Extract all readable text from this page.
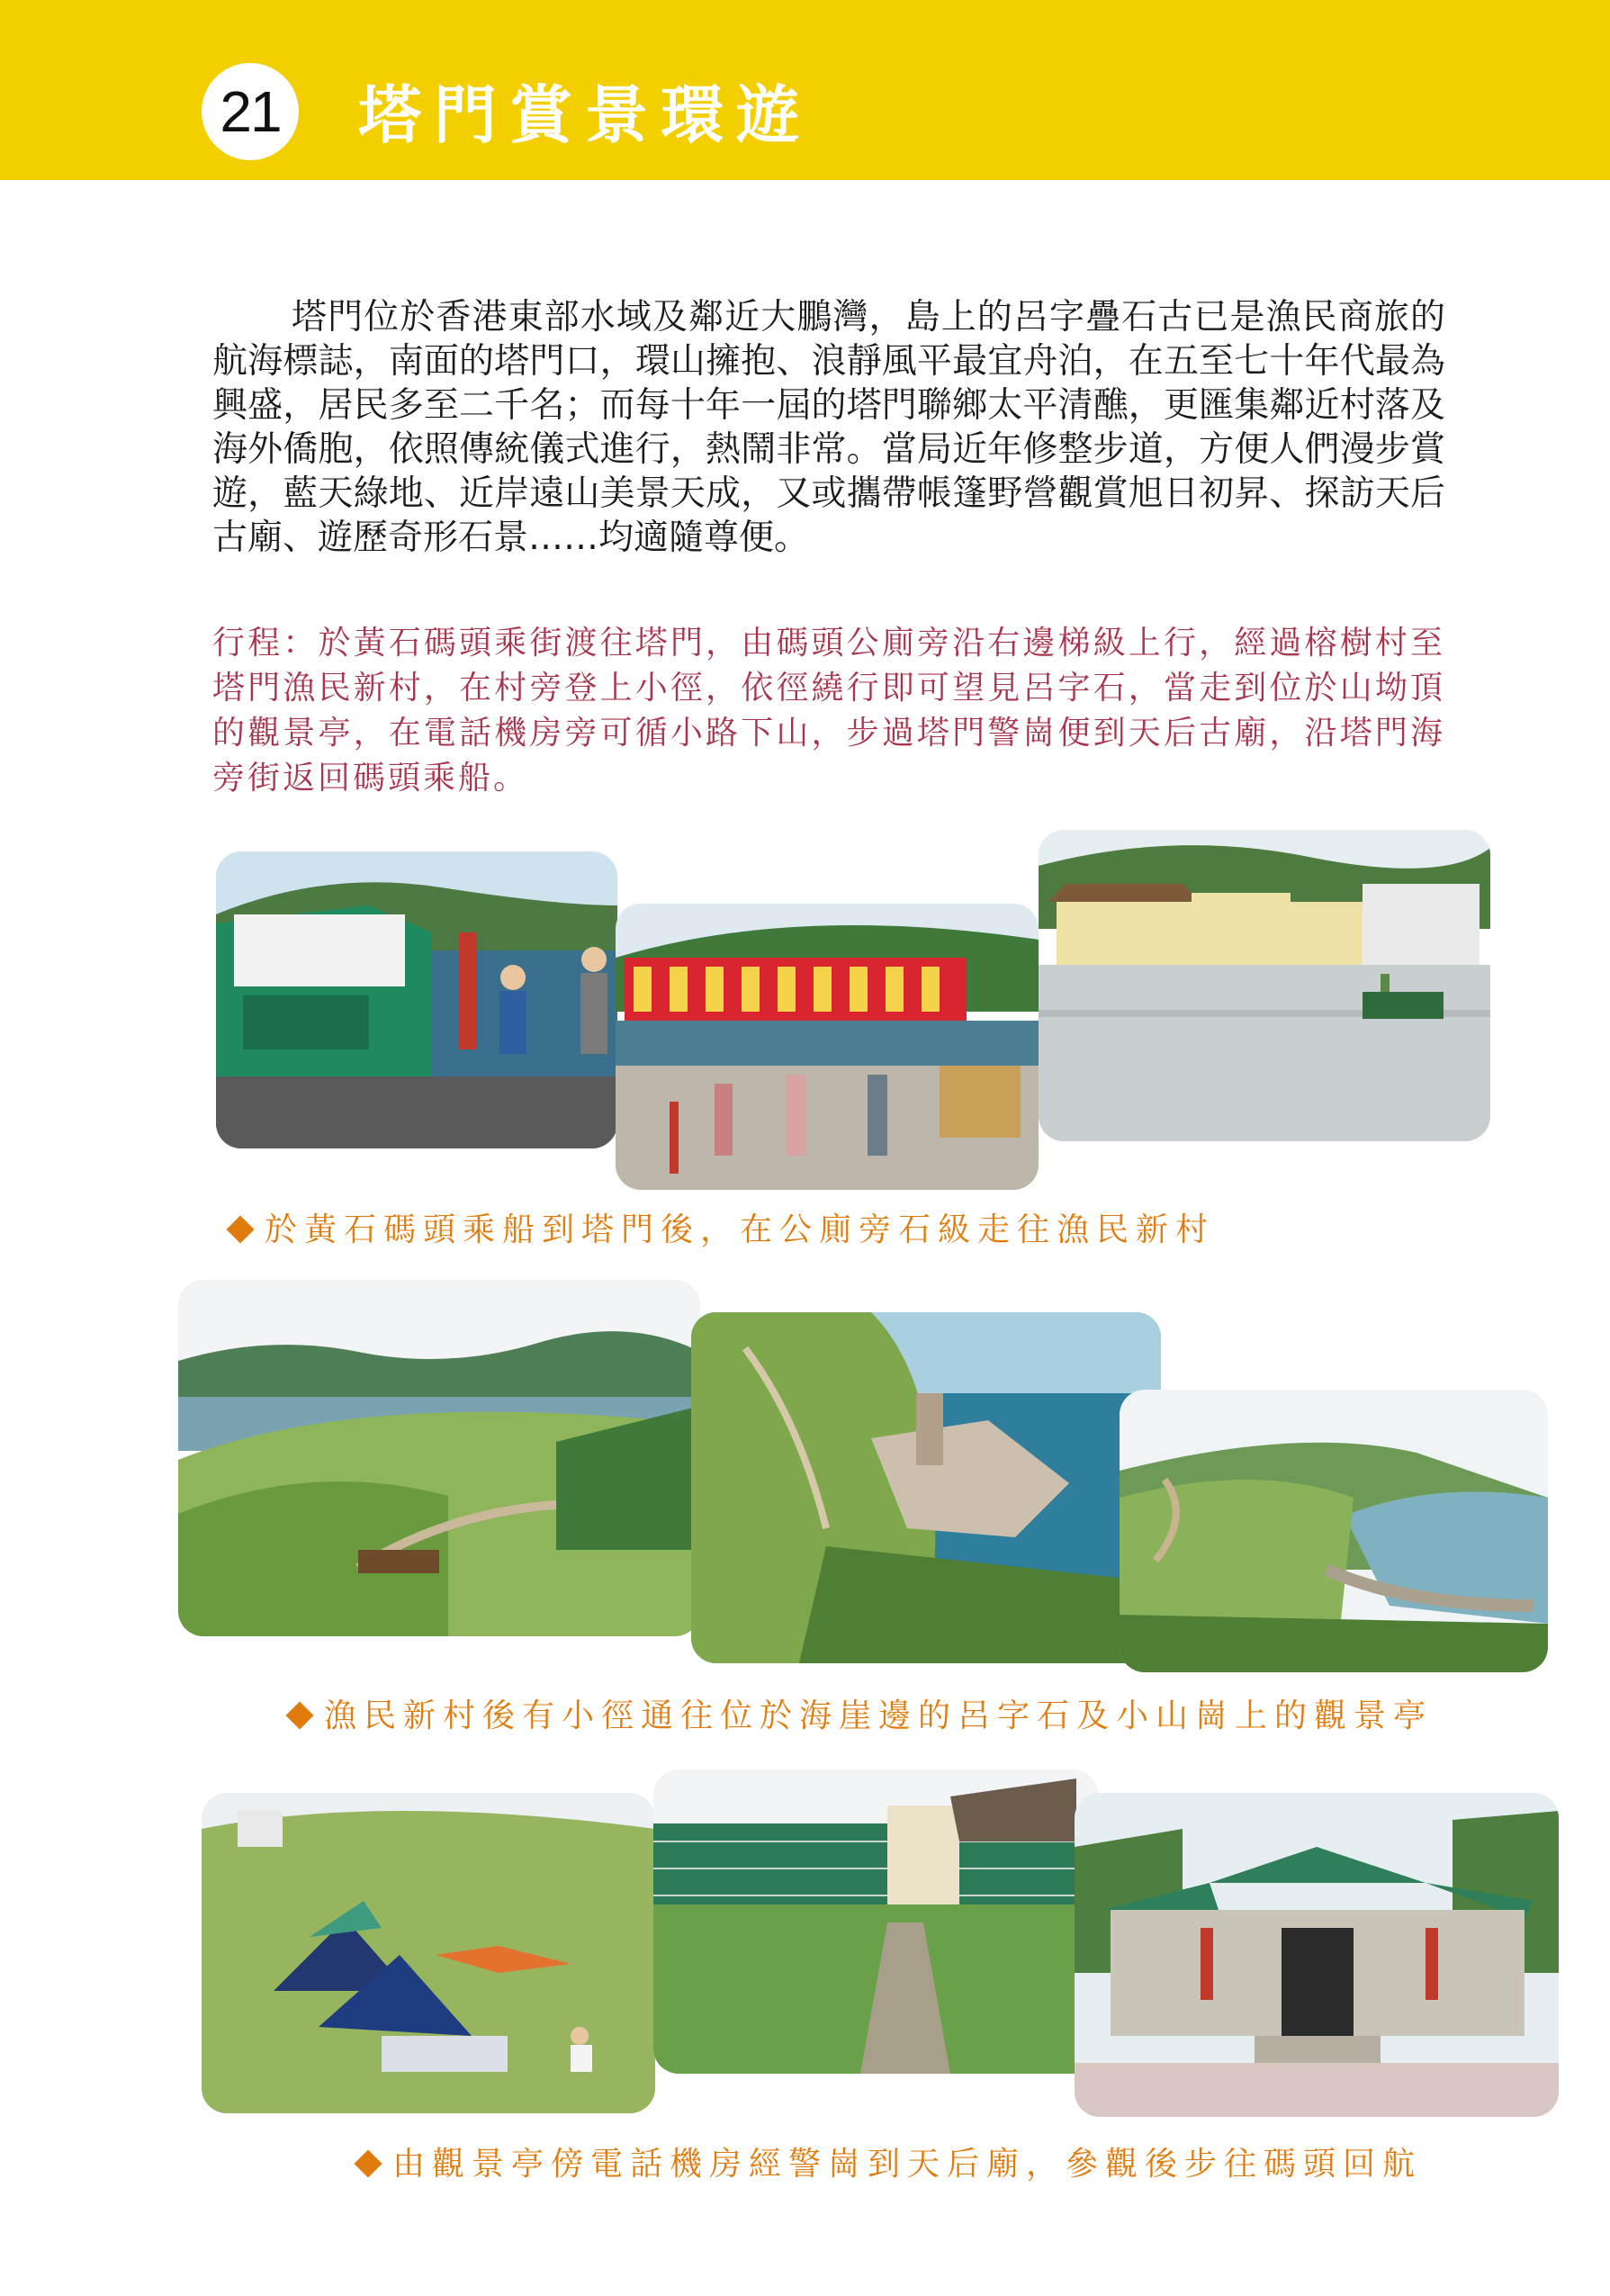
21 塔門賞景環遊
塔門位於香港東部水域及鄰近大鵬灣，島上的呂字疊石古已是漁民商旅的航海標誌，南面的塔門口，環山擁抱、浪靜風平最宜舟泊，在五至七十年代最為興盛，居民多至二千名；而每十年一屆的塔門聯鄉太平清醮，更匯集鄰近村落及海外僑胞，依照傳統儀式進行，熱鬧非常。當局近年修整步道，方便人們漫步賞遊，藍天綠地、近岸遠山美景天成，又或攜帶帳篷野營觀賞旭日初昇、探訪天后古廟、遊歷奇形石景……均適隨尊便。
行程：於黃石碼頭乘街渡往塔門，由碼頭公廁旁沿右邊梯級上行，經過榕樹村至塔門漁民新村，在村旁登上小徑，依徑繞行即可望見呂字石，當走到位於山坳頂的觀景亭，在電話機房旁可循小路下山，步過塔門警崗便到天后古廟，沿塔門海旁街返回碼頭乘船。
於黃石碼頭乘船到塔門後，在公廁旁石級走往漁民新村
漁民新村後有小徑通往位於海崖邊的呂字石及小山崗上的觀景亭
由觀景亭傍電話機房經警崗到天后廟，參觀後步往碼頭回航
